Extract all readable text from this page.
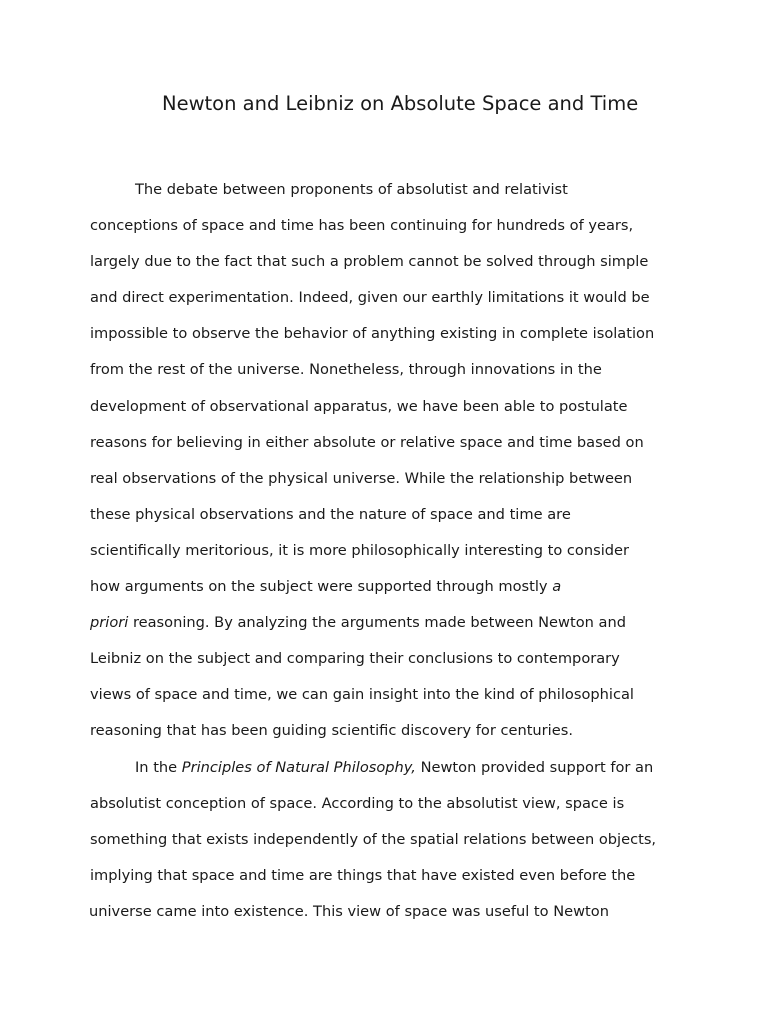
Newton and Leibniz on Absolute Space and Time
The debate between proponents of absolutist and relativist
conceptions of space and time has been continuing for hundreds of years,
largely due to the fact that such a problem cannot be solved through simple
and direct experimentation. Indeed, given our earthly limitations it would be
impossible to observe the behavior of anything existing in complete isolation
from the rest of the universe. Nonetheless, through innovations in the
development of observational apparatus, we have been able to postulate
reasons for believing in either absolute or relative space and time based on
real observations of the physical universe. While the relationship between
these physical observations and the nature of space and time are
scientifically meritorious, it is more philosophically interesting to consider
how arguments on the subject were supported through mostly a
priori reasoning. By analyzing the arguments made between Newton and
Leibniz on the subject and comparing their conclusions to contemporary
views of space and time, we can gain insight into the kind of philosophical
reasoning that has been guiding scientific discovery for centuries.
In the Principles of Natural Philosophy, Newton provided support for an
absolutist conception of space. According to the absolutist view, space is
something that exists independently of the spatial relations between objects,
implying that space and time are things that have existed even before the
universe came into existence. This view of space was useful to Newton
